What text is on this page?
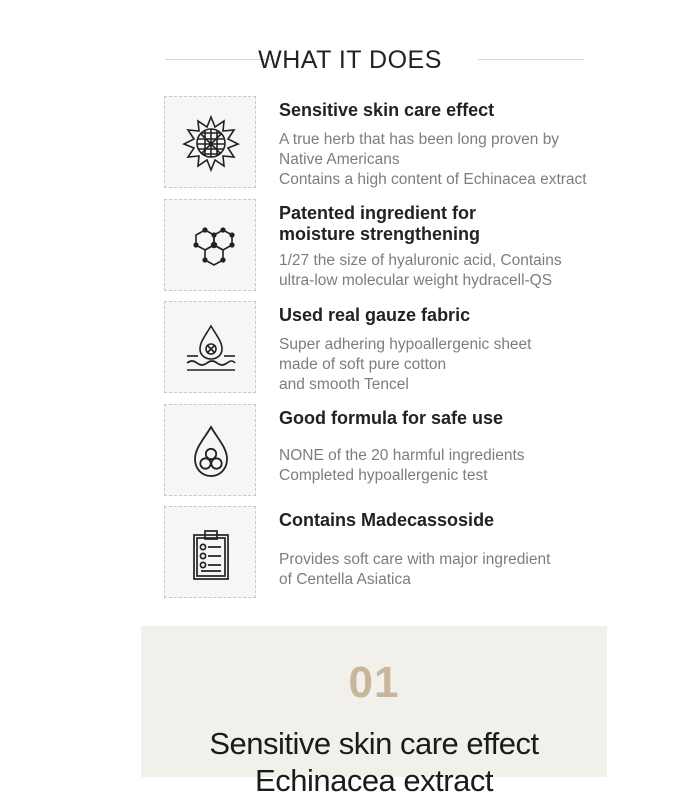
WHAT IT DOES
Sensitive skin care effect
A true herb that has been long proven by
Native Americans
Contains a high content of Echinacea extract
Patented ingredient for
moisture strengthening
1/27 the size of hyaluronic acid, Contains
ultra-low molecular weight hydracell-QS
Used real gauze fabric
Super adhering hypoallergenic sheet
made of soft pure cotton
and smooth Tencel
Good formula for safe use
NONE of the 20 harmful ingredients
Completed hypoallergenic test
Contains Madecassoside
Provides soft care with major ingredient
of Centella Asiatica
01
Sensitive skin care effect
Echinacea extract
